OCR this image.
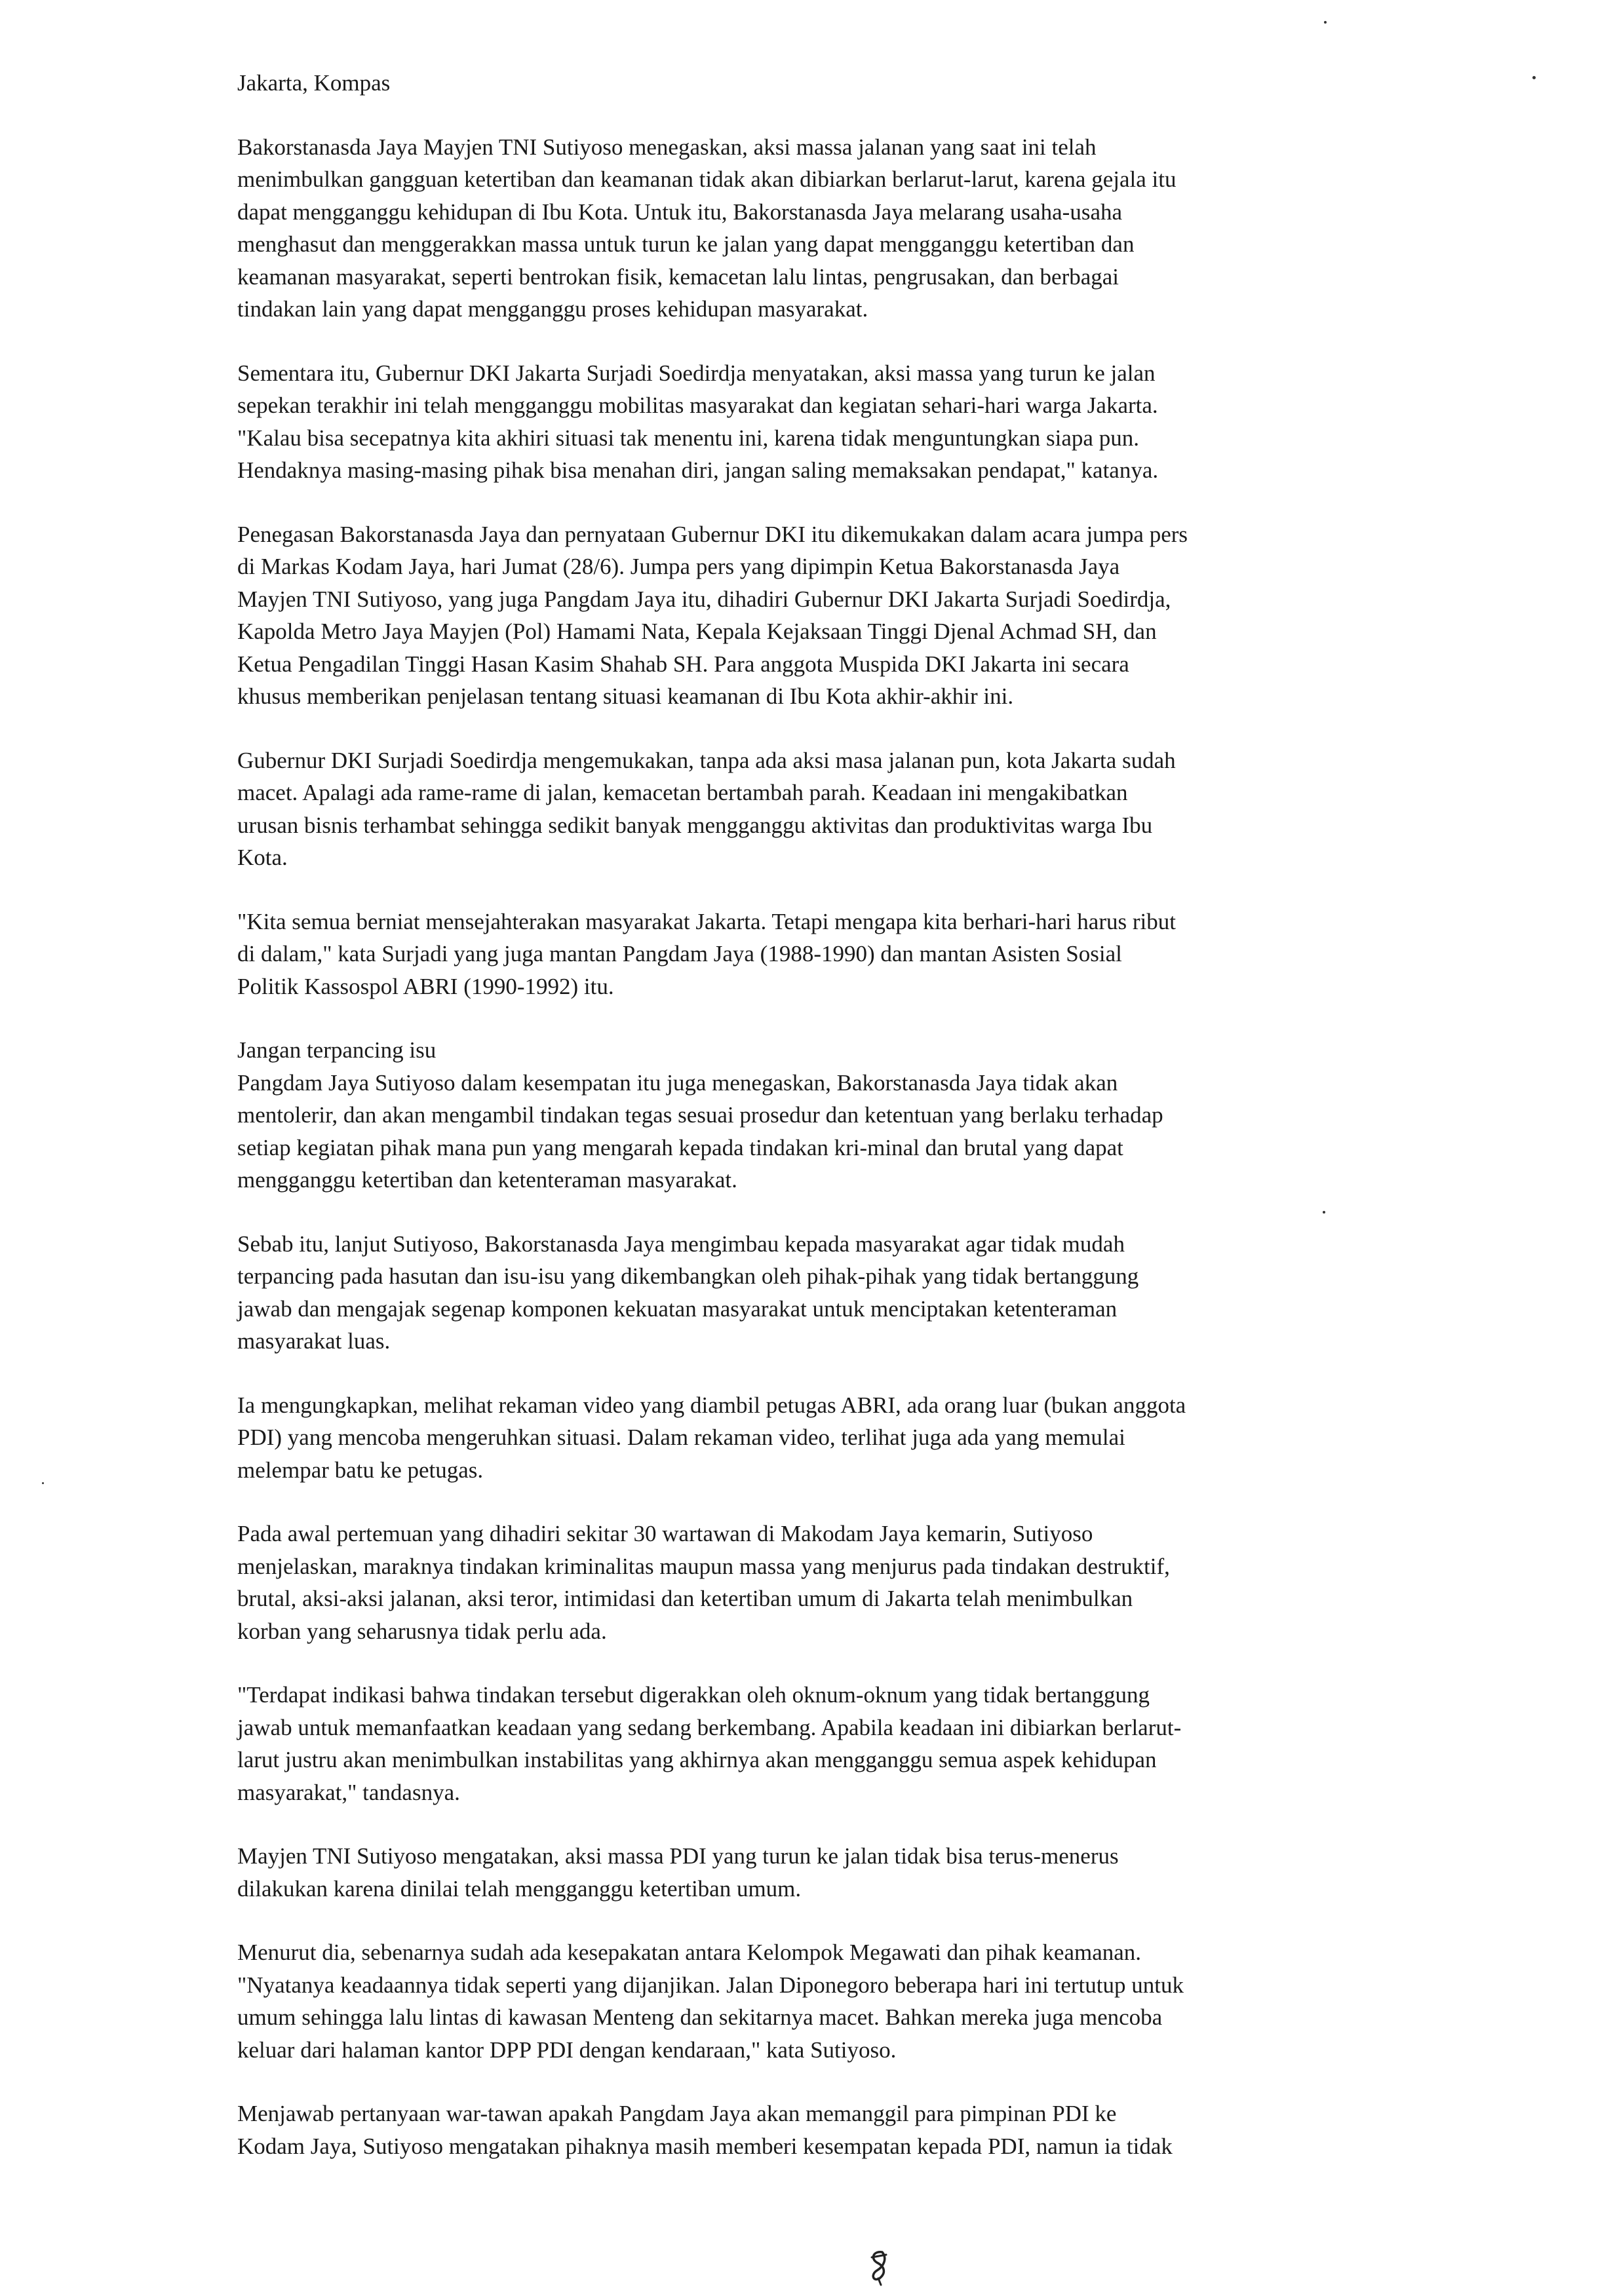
Jakarta, Kompas

Bakorstanasda Jaya Mayjen TNI Sutiyoso menegaskan, aksi massa jalanan yang saat ini telah
menimbulkan gangguan ketertiban dan keamanan tidak akan dibiarkan berlarut-larut, karena gejala itu
dapat mengganggu kehidupan di Ibu Kota. Untuk itu, Bakorstanasda Jaya melarang usaha-usaha
menghasut dan menggerakkan massa untuk turun ke jalan yang dapat mengganggu ketertiban dan
keamanan masyarakat, seperti bentrokan fisik, kemacetan lalu lintas, pengrusakan, dan berbagai
tindakan lain yang dapat mengganggu proses kehidupan masyarakat.

Sementara itu, Gubernur DKI Jakarta Surjadi Soedirdja menyatakan, aksi massa yang turun ke jalan
sepekan terakhir ini telah mengganggu mobilitas masyarakat dan kegiatan sehari-hari warga Jakarta.
"Kalau bisa secepatnya kita akhiri situasi tak menentu ini, karena tidak menguntungkan siapa pun.
Hendaknya masing-masing pihak bisa menahan diri, jangan saling memaksakan pendapat," katanya.

Penegasan Bakorstanasda Jaya dan pernyataan Gubernur DKI itu dikemukakan dalam acara jumpa pers
di Markas Kodam Jaya, hari Jumat (28/6). Jumpa pers yang dipimpin Ketua Bakorstanasda Jaya
Mayjen TNI Sutiyoso, yang juga Pangdam Jaya itu, dihadiri Gubernur DKI Jakarta Surjadi Soedirdja,
Kapolda Metro Jaya Mayjen (Pol) Hamami Nata, Kepala Kejaksaan Tinggi Djenal Achmad SH, dan
Ketua Pengadilan Tinggi Hasan Kasim Shahab SH. Para anggota Muspida DKI Jakarta ini secara
khusus memberikan penjelasan tentang situasi keamanan di Ibu Kota akhir-akhir ini.

Gubernur DKI Surjadi Soedirdja mengemukakan, tanpa ada aksi masa jalanan pun, kota Jakarta sudah
macet. Apalagi ada rame-rame di jalan, kemacetan bertambah parah. Keadaan ini mengakibatkan
urusan bisnis terhambat sehingga sedikit banyak mengganggu aktivitas dan produktivitas warga Ibu
Kota.

"Kita semua berniat mensejahterakan masyarakat Jakarta. Tetapi mengapa kita berhari-hari harus ribut
di dalam," kata Surjadi yang juga mantan Pangdam Jaya (1988-1990) dan mantan Asisten Sosial
Politik Kassospol ABRI (1990-1992) itu.

Jangan terpancing isu

Pangdam Jaya Sutiyoso dalam kesempatan itu juga menegaskan, Bakorstanasda Jaya tidak akan
mentolerir, dan akan mengambil tindakan tegas sesuai prosedur dan ketentuan yang berlaku terhadap
setiap kegiatan pihak mana pun yang mengarah kepada tindakan kri-minal dan brutal yang dapat
mengganggu ketertiban dan ketenteraman masyarakat.

Sebab itu, lanjut Sutiyoso, Bakorstanasda Jaya mengimbau kepada masyarakat agar tidak mudah
terpancing pada hasutan dan isu-isu yang dikembangkan oleh pihak-pihak yang tidak bertanggung
jawab dan mengajak segenap komponen kekuatan masyarakat untuk menciptakan ketenteraman
masyarakat luas.

Ia mengungkapkan, melihat rekaman video yang diambil petugas ABRI, ada orang luar (bukan anggota
PDI) yang mencoba mengeruhkan situasi. Dalam rekaman video, terlihat juga ada yang memulai
melempar batu ke petugas.

Pada awal pertemuan yang dihadiri sekitar 30 wartawan di Makodam Jaya kemarin, Sutiyoso
menjelaskan, maraknya tindakan kriminalitas maupun massa yang menjurus pada tindakan destruktif,
brutal, aksi-aksi jalanan, aksi teror, intimidasi dan ketertiban umum di Jakarta telah menimbulkan
korban yang seharusnya tidak perlu ada.

"Terdapat indikasi bahwa tindakan tersebut digerakkan oleh oknum-oknum yang tidak bertanggung
jawab untuk memanfaatkan keadaan yang sedang berkembang. Apabila keadaan ini dibiarkan berlarut-
larut justru akan menimbulkan instabilitas yang akhirnya akan mengganggu semua aspek kehidupan
masyarakat," tandasnya.

Mayjen TNI Sutiyoso mengatakan, aksi massa PDI yang turun ke jalan tidak bisa terus-menerus
dilakukan karena dinilai telah mengganggu ketertiban umum.

Menurut dia, sebenarnya sudah ada kesepakatan antara Kelompok Megawati dan pihak keamanan.
"Nyatanya keadaannya tidak seperti yang dijanjikan. Jalan Diponegoro beberapa hari ini tertutup untuk
umum sehingga lalu lintas di kawasan Menteng dan sekitarnya macet. Bahkan mereka juga mencoba
keluar dari halaman kantor DPP PDI dengan kendaraan," kata Sutiyoso.

Menjawab pertanyaan war-tawan apakah Pangdam Jaya akan memanggil para pimpinan PDI ke
Kodam Jaya, Sutiyoso mengatakan pihaknya masih memberi kesempatan kepada PDI, namun ia tidak
